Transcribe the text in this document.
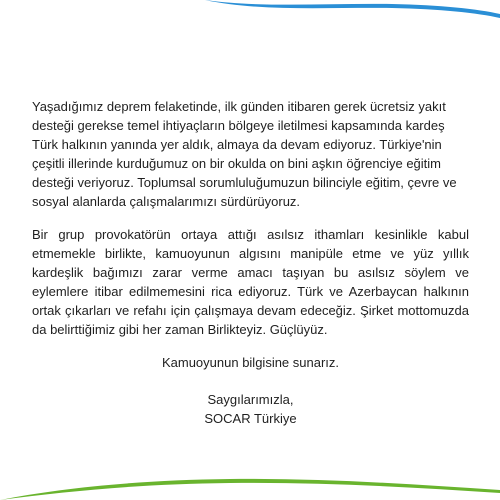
Yaşadığımız deprem felaketinde, ilk günden itibaren gerek ücretsiz yakıt desteği gerekse temel ihtiyaçların bölgeye iletilmesi kapsamında kardeş Türk halkının yanında yer aldık, almaya da devam ediyoruz. Türkiye'nin çeşitli illerinde kurduğumuz on bir okulda on bini aşkın öğrenciye eğitim desteği veriyoruz. Toplumsal sorumluluğumuzun bilinciyle eğitim, çevre ve sosyal alanlarda çalışmalarımızı sürdürüyoruz.

Bir grup provokatörün ortaya attığı asılsız ithamları kesinlikle kabul etmemekle birlikte, kamuoyunun algısını manipüle etme ve yüz yıllık kardeşlik bağımızı zarar verme amacı taşıyan bu asılsız söylem ve eylemlere itibar edilmemesini rica ediyoruz. Türk ve Azerbaycan halkının ortak çıkarları ve refahı için çalışmaya devam edeceğiz. Şirket mottomuzda da belirttiğimiz gibi her zaman Birlikteyiz. Güçlüyüz.

Kamuoyunun bilgisine sunarız.

Saygılarımızla,

SOCAR Türkiye
